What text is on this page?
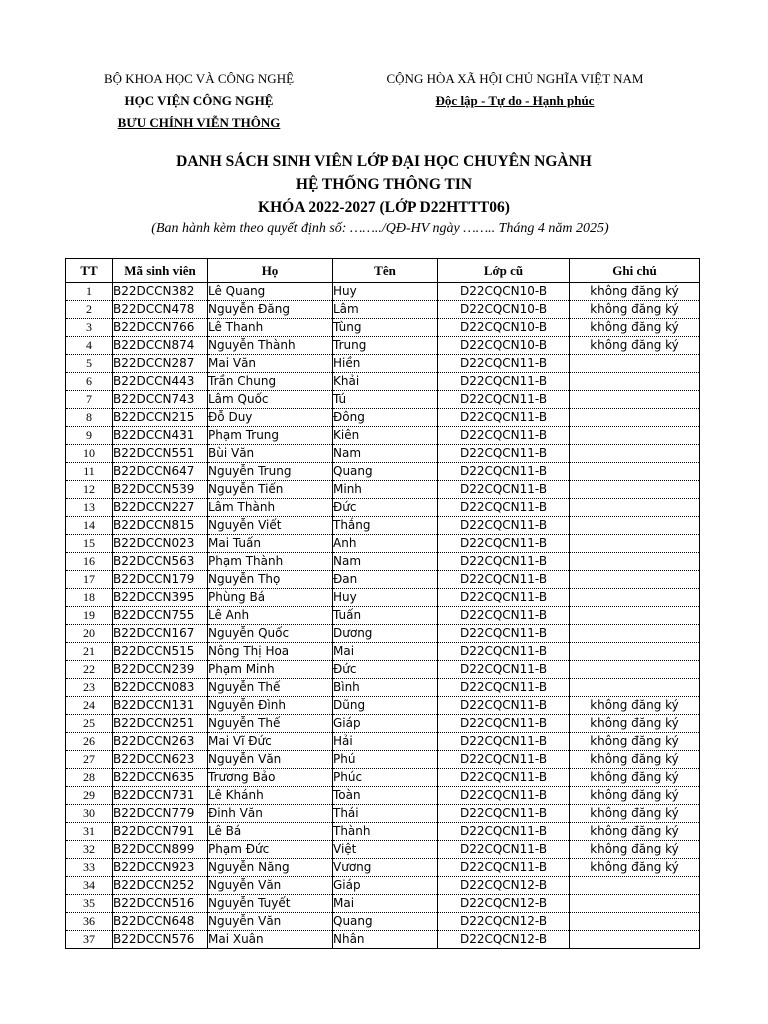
BỘ KHOA HỌC VÀ CÔNG NGHỆ
HỌC VIỆN CÔNG NGHỆ
BƯU CHÍNH VIỄN THÔNG
CỘNG HÒA XÃ HỘI CHỦ NGHĨA VIỆT NAM
Độc lập - Tự do - Hạnh phúc
DANH SÁCH SINH VIÊN LỚP ĐẠI HỌC CHUYÊN NGÀNH
HỆ THỐNG THÔNG TIN
KHÓA 2022-2027 (LỚP D22HTTT06)
(Ban hành kèm theo quyết định số: ……../QĐ-HV ngày …….. Tháng 4 năm 2025)
TT	Mã sinh viên	Họ	Tên	Lớp cũ	Ghi chú
1	B22DCCN382	Lê Quang	Huy	D22CQCN10-B	không đăng ký
2	B22DCCN478	Nguyễn Đăng	Lâm	D22CQCN10-B	không đăng ký
3	B22DCCN766	Lê Thanh	Tùng	D22CQCN10-B	không đăng ký
4	B22DCCN874	Nguyễn Thành	Trung	D22CQCN10-B	không đăng ký
5	B22DCCN287	Mai Văn	Hiền	D22CQCN11-B	
6	B22DCCN443	Trần Chung	Khải	D22CQCN11-B	
7	B22DCCN743	Lâm Quốc	Tú	D22CQCN11-B	
8	B22DCCN215	Đỗ Duy	Đông	D22CQCN11-B	
9	B22DCCN431	Phạm Trung	Kiên	D22CQCN11-B	
10	B22DCCN551	Bùi Văn	Nam	D22CQCN11-B	
11	B22DCCN647	Nguyễn Trung	Quang	D22CQCN11-B	
12	B22DCCN539	Nguyễn Tiến	Minh	D22CQCN11-B	
13	B22DCCN227	Lâm Thành	Đức	D22CQCN11-B	
14	B22DCCN815	Nguyễn Viết	Thắng	D22CQCN11-B	
15	B22DCCN023	Mai Tuấn	Anh	D22CQCN11-B	
16	B22DCCN563	Phạm Thành	Nam	D22CQCN11-B	
17	B22DCCN179	Nguyễn Thọ	Đan	D22CQCN11-B	
18	B22DCCN395	Phùng Bá	Huy	D22CQCN11-B	
19	B22DCCN755	Lê Anh	Tuấn	D22CQCN11-B	
20	B22DCCN167	Nguyễn Quốc	Dương	D22CQCN11-B	
21	B22DCCN515	Nông Thị Hoa	Mai	D22CQCN11-B	
22	B22DCCN239	Phạm Minh	Đức	D22CQCN11-B	
23	B22DCCN083	Nguyễn Thế	Bình	D22CQCN11-B	
24	B22DCCN131	Nguyễn Đình	Dũng	D22CQCN11-B	không đăng ký
25	B22DCCN251	Nguyễn Thế	Giáp	D22CQCN11-B	không đăng ký
26	B22DCCN263	Mai Vĩ Đức	Hải	D22CQCN11-B	không đăng ký
27	B22DCCN623	Nguyễn Văn	Phú	D22CQCN11-B	không đăng ký
28	B22DCCN635	Trương Bảo	Phúc	D22CQCN11-B	không đăng ký
29	B22DCCN731	Lê Khánh	Toàn	D22CQCN11-B	không đăng ký
30	B22DCCN779	Đinh Văn	Thái	D22CQCN11-B	không đăng ký
31	B22DCCN791	Lê Bá	Thành	D22CQCN11-B	không đăng ký
32	B22DCCN899	Phạm Đức	Việt	D22CQCN11-B	không đăng ký
33	B22DCCN923	Nguyễn Năng	Vương	D22CQCN11-B	không đăng ký
34	B22DCCN252	Nguyễn Văn	Giáp	D22CQCN12-B	
35	B22DCCN516	Nguyễn Tuyết	Mai	D22CQCN12-B	
36	B22DCCN648	Nguyễn Văn	Quang	D22CQCN12-B	
37	B22DCCN576	Mai Xuân	Nhân	D22CQCN12-B	
